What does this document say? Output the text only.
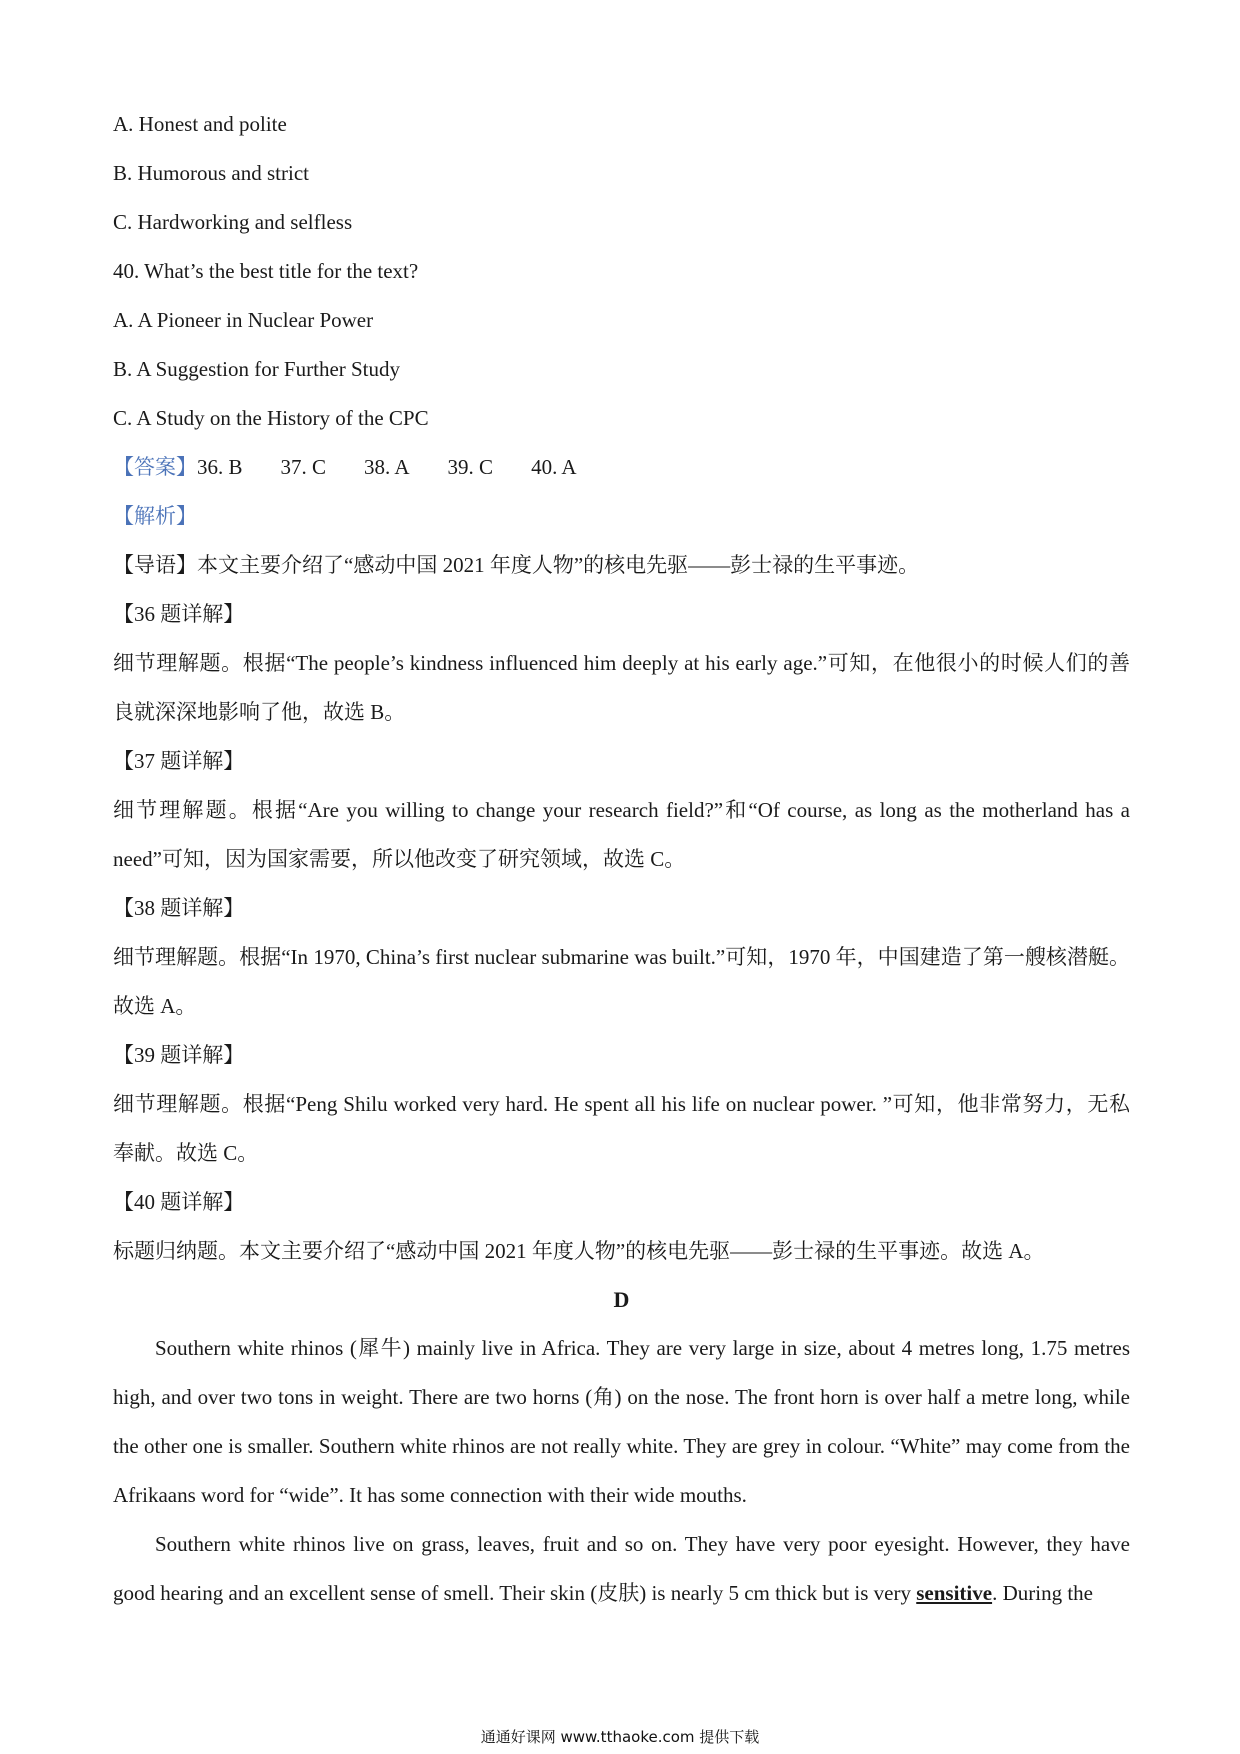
A. Honest and polite
B. Humorous and strict
C. Hardworking and selfless
40. What’s the best title for the text?
A. A Pioneer in Nuclear Power
B. A Suggestion for Further Study
C. A Study on the History of the CPC
【答案】36. B 37. C 38. A 39. C 40. A
【解析】
【导语】本文主要介绍了“感动中国 2021 年度人物”的核电先驱——彭士禄的生平事迹。
【36 题详解】
细节理解题。根据“The people’s kindness influenced him deeply at his early age.”可知，在他很小的时候人们的善良就深深地影响了他，故选 B。
【37 题详解】
细节理解题。根据“Are you willing to change your research field?”和“Of course, as long as the motherland has a need”可知，因为国家需要，所以他改变了研究领域，故选 C。
【38 题详解】
细节理解题。根据“In 1970, China’s first nuclear submarine was built.”可知，1970 年，中国建造了第一艘核潜艇。故选 A。
【39 题详解】
细节理解题。根据“Peng Shilu worked very hard. He spent all his life on nuclear power. ”可知，他非常努力，无私奉献。故选 C。
【40 题详解】
标题归纳题。本文主要介绍了“感动中国 2021 年度人物”的核电先驱——彭士禄的生平事迹。故选 A。
D
Southern white rhinos (犀牛) mainly live in Africa. They are very large in size, about 4 metres long, 1.75 metres high, and over two tons in weight. There are two horns (角) on the nose. The front horn is over half a metre long, while the other one is smaller. Southern white rhinos are not really white. They are grey in colour. “White” may come from the Afrikaans word for “wide”. It has some connection with their wide mouths.
Southern white rhinos live on grass, leaves, fruit and so on. They have very poor eyesight. However, they have good hearing and an excellent sense of smell. Their skin (皮肤) is nearly 5 cm thick but is very sensitive. During the
通通好课网 www.tthaoke.com 提供下载
